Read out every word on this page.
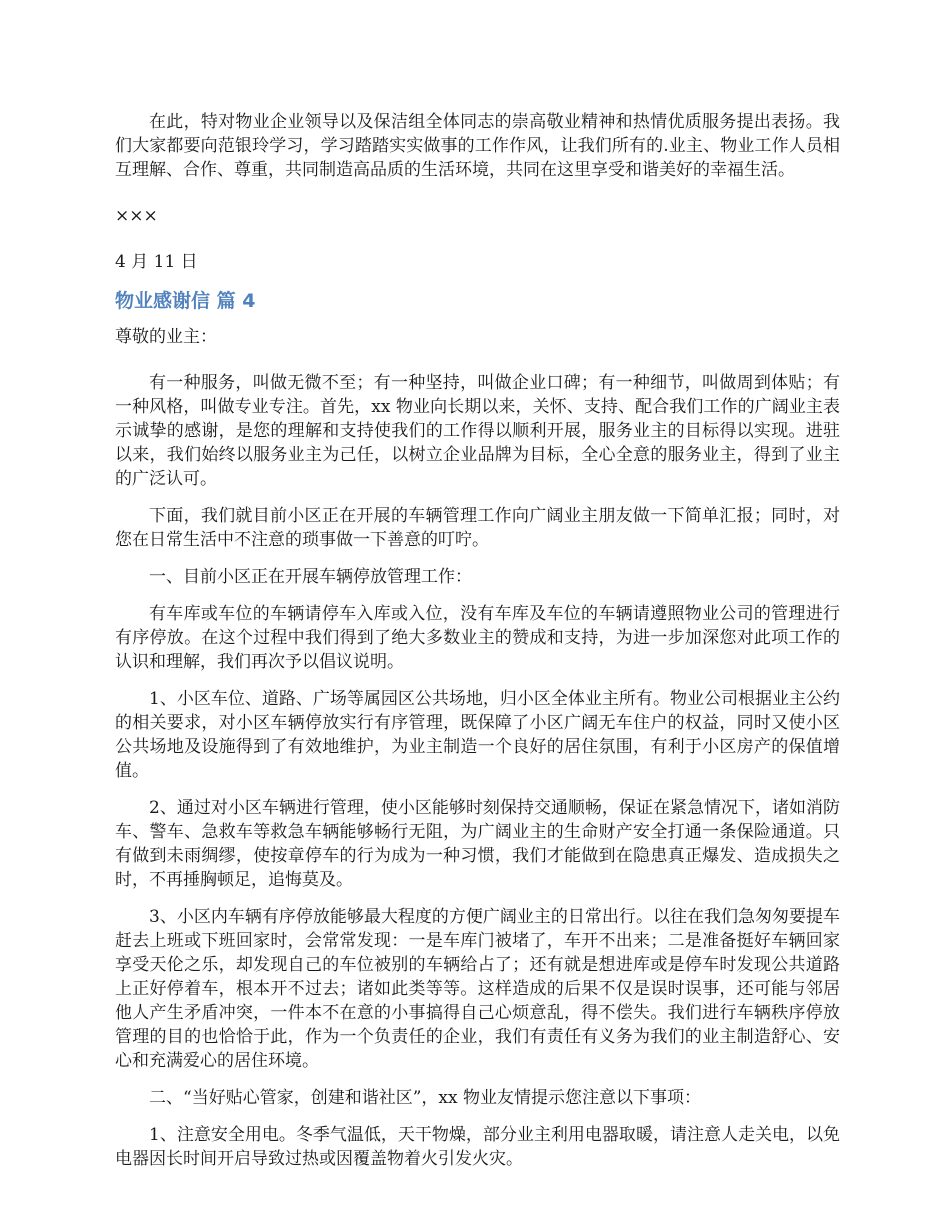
在此，特对物业企业领导以及保洁组全体同志的崇高敬业精神和热情优质服务提出表扬。我们大家都要向范银玲学习，学习踏踏实实做事的工作作风，让我们所有的.业主、物业工作人员相互理解、合作、尊重，共同制造高品质的生活环境，共同在这里享受和谐美好的幸福生活。

×××

4 月 11 日

物业感谢信 篇 4

尊敬的业主：

有一种服务，叫做无微不至；有一种坚持，叫做企业口碑；有一种细节，叫做周到体贴；有一种风格，叫做专业专注。首先，xx 物业向长期以来，关怀、支持、配合我们工作的广阔业主表示诚挚的感谢，是您的理解和支持使我们的工作得以顺利开展，服务业主的目标得以实现。进驻以来，我们始终以服务业主为己任，以树立企业品牌为目标，全心全意的服务业主，得到了业主的广泛认可。

下面，我们就目前小区正在开展的车辆管理工作向广阔业主朋友做一下简单汇报；同时，对您在日常生活中不注意的琐事做一下善意的叮咛。

一、目前小区正在开展车辆停放管理工作：

有车库或车位的车辆请停车入库或入位，没有车库及车位的车辆请遵照物业公司的管理进行有序停放。在这个过程中我们得到了绝大多数业主的赞成和支持，为进一步加深您对此项工作的认识和理解，我们再次予以倡议说明。

1、小区车位、道路、广场等属园区公共场地，归小区全体业主所有。物业公司根据业主公约的相关要求，对小区车辆停放实行有序管理，既保障了小区广阔无车住户的权益，同时又使小区公共场地及设施得到了有效地维护，为业主制造一个良好的居住氛围，有利于小区房产的保值增值。

2、通过对小区车辆进行管理，使小区能够时刻保持交通顺畅，保证在紧急情况下，诸如消防车、警车、急救车等救急车辆能够畅行无阻，为广阔业主的生命财产安全打通一条保险通道。只有做到未雨绸缪，使按章停车的行为成为一种习惯，我们才能做到在隐患真正爆发、造成损失之时，不再捶胸顿足，追悔莫及。

3、小区内车辆有序停放能够最大程度的方便广阔业主的日常出行。以往在我们急匆匆要提车赶去上班或下班回家时，会常常发现：一是车库门被堵了，车开不出来；二是准备挺好车辆回家享受天伦之乐，却发现自己的车位被别的车辆给占了；还有就是想进库或是停车时发现公共道路上正好停着车，根本开不过去；诸如此类等等。这样造成的后果不仅是误时误事，还可能与邻居他人产生矛盾冲突，一件本不在意的小事搞得自己心烦意乱，得不偿失。我们进行车辆秩序停放管理的目的也恰恰于此，作为一个负责任的企业，我们有责任有义务为我们的业主制造舒心、安心和充满爱心的居住环境。

二、“当好贴心管家，创建和谐社区”，xx 物业友情提示您注意以下事项：

1、注意安全用电。冬季气温低，天干物燥，部分业主利用电器取暖，请注意人走关电，以免电器因长时间开启导致过热或因覆盖物着火引发火灾。
